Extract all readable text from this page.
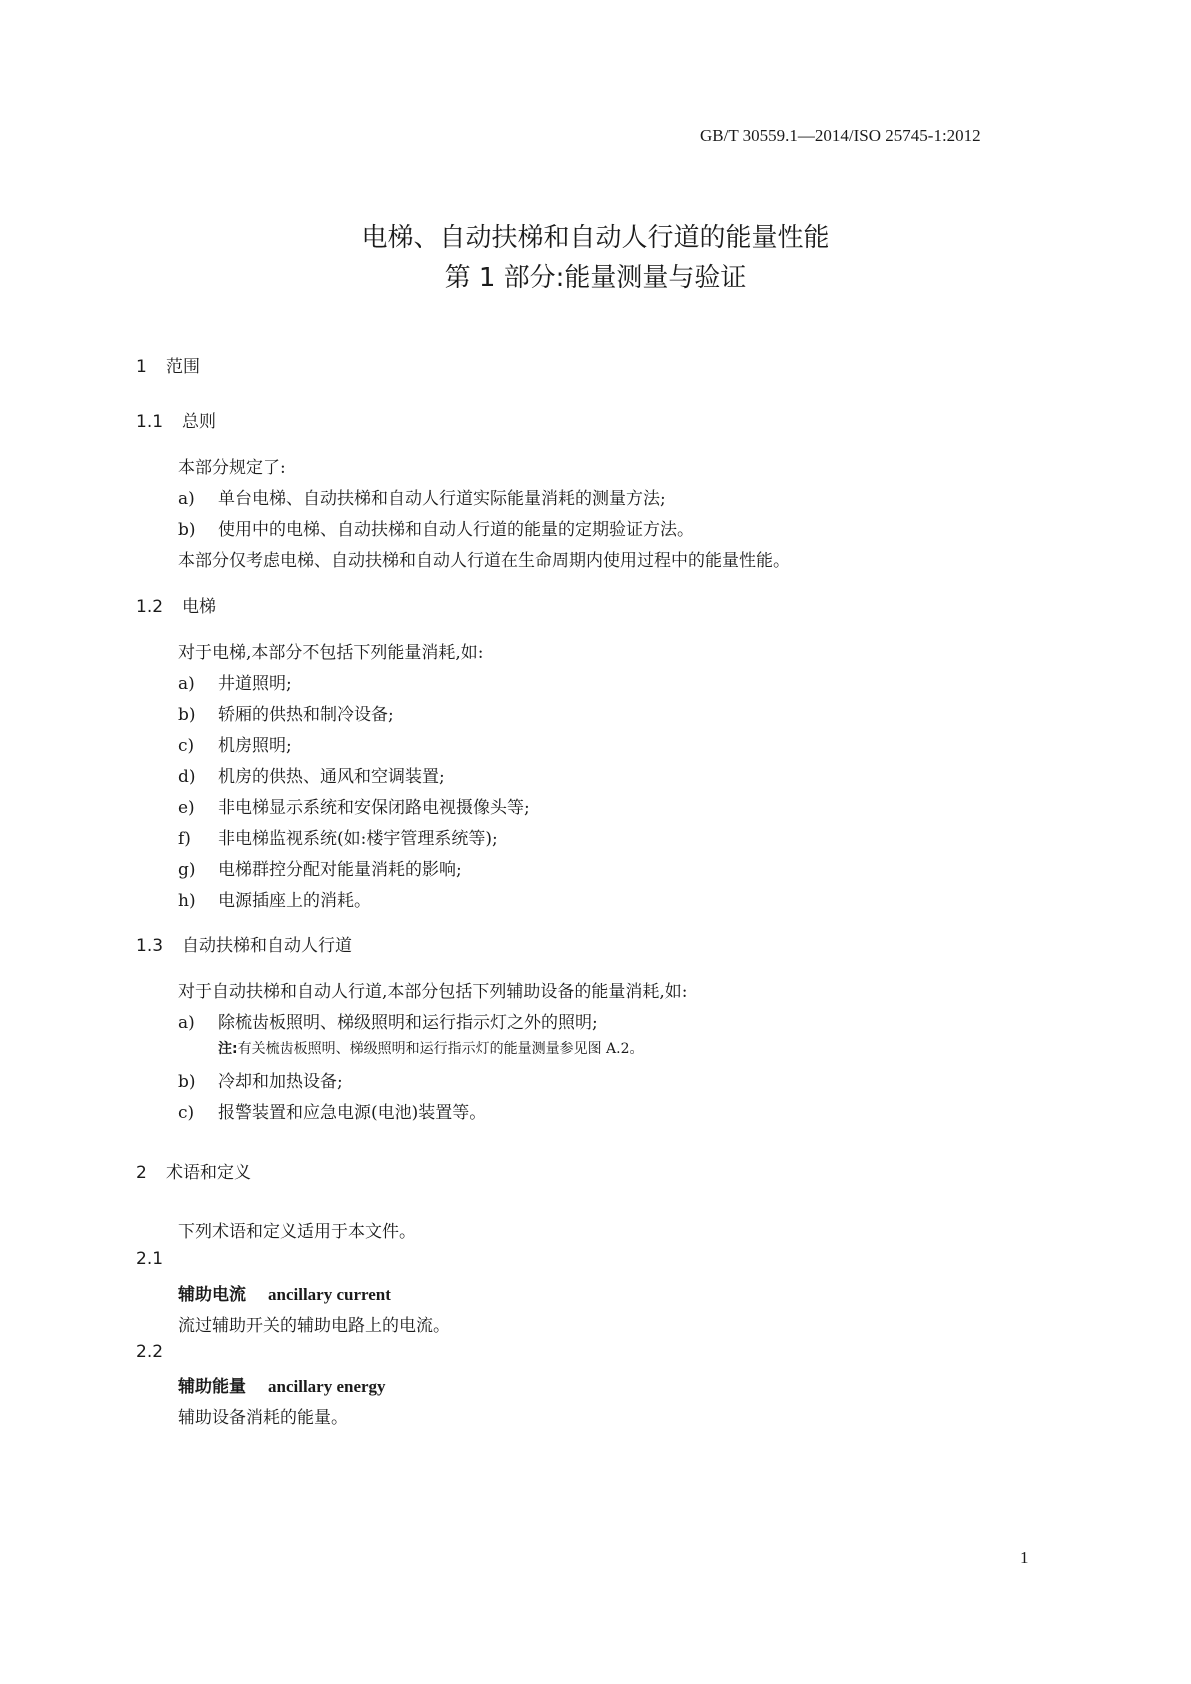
GB/T 30559.1—2014/ISO 25745-1:2012
电梯、自动扶梯和自动人行道的能量性能
第 1 部分:能量测量与验证
1 范围
1.1 总则
本部分规定了:
a) 单台电梯、自动扶梯和自动人行道实际能量消耗的测量方法;
b) 使用中的电梯、自动扶梯和自动人行道的能量的定期验证方法。
本部分仅考虑电梯、自动扶梯和自动人行道在生命周期内使用过程中的能量性能。
1.2 电梯
对于电梯,本部分不包括下列能量消耗,如:
a) 井道照明;
b) 轿厢的供热和制冷设备;
c) 机房照明;
d) 机房的供热、通风和空调装置;
e) 非电梯显示系统和安保闭路电视摄像头等;
f) 非电梯监视系统(如:楼宇管理系统等);
g) 电梯群控分配对能量消耗的影响;
h) 电源插座上的消耗。
1.3 自动扶梯和自动人行道
对于自动扶梯和自动人行道,本部分包括下列辅助设备的能量消耗,如:
a) 除梳齿板照明、梯级照明和运行指示灯之外的照明;
注:有关梳齿板照明、梯级照明和运行指示灯的能量测量参见图 A.2。
b) 冷却和加热设备;
c) 报警装置和应急电源(电池)装置等。
2 术语和定义
下列术语和定义适用于本文件。
2.1
辅助电流 ancillary current
流过辅助开关的辅助电路上的电流。
2.2
辅助能量 ancillary energy
辅助设备消耗的能量。
1
